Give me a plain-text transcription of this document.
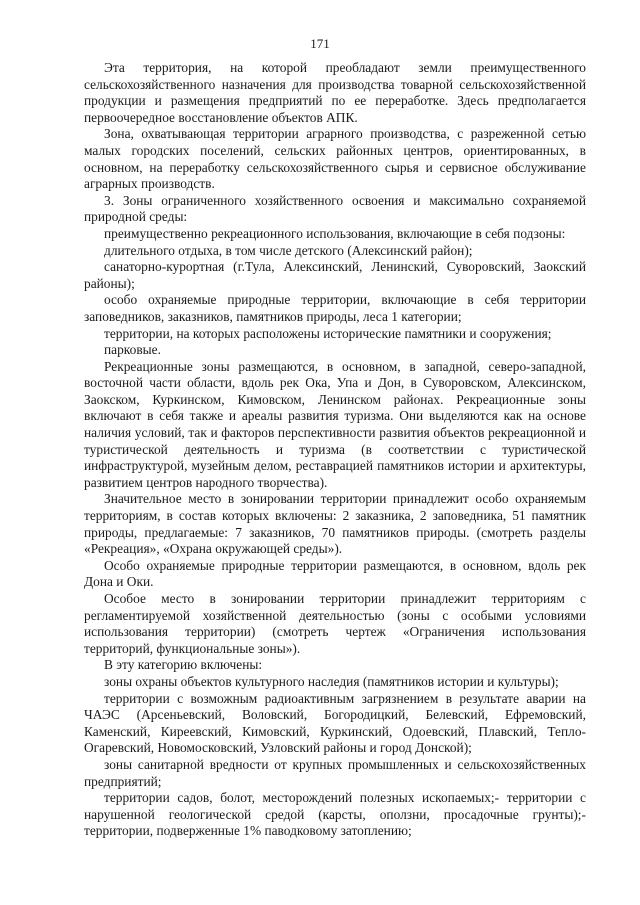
171

Эта территория, на которой преобладают земли преимущественного сельскохозяйственного назначения для производства товарной сельскохозяйственной продукции и размещения предприятий по ее переработке. Здесь предполагается первоочередное восстановление объектов АПК.

Зона, охватывающая территории аграрного производства, с разреженной сетью малых городских поселений, сельских районных центров, ориентированных, в основном, на переработку сельскохозяйственного сырья и сервисное обслуживание аграрных производств.

3. Зоны ограниченного хозяйственного освоения и максимально сохраняемой природной среды:

преимущественно рекреационного использования, включающие в себя подзоны:

длительного отдыха, в том числе детского (Алексинский район);

санаторно-курортная (г.Тула, Алексинский, Ленинский, Суворовский, Заокский районы);

особо охраняемые природные территории, включающие в себя территории заповедников, заказников, памятников природы, леса 1 категории;

территории, на которых расположены исторические памятники и сооружения;

парковые.

Рекреационные зоны размещаются, в основном, в западной, северо-западной, восточной части области, вдоль рек Ока, Упа и Дон, в Суворовском, Алексинском, Заокском, Куркинском, Кимовском, Ленинском районах. Рекреационные зоны включают в себя также и ареалы развития туризма. Они выделяются как на основе наличия условий, так и факторов перспективности развития объектов рекреационной и туристической деятельность и туризма (в соответствии с туристической инфраструктурой, музейным делом, реставрацией памятников истории и архитектуры, развитием центров народного творчества).

Значительное место в зонировании территории принадлежит особо охраняемым территориям, в состав которых включены: 2 заказника, 2 заповедника, 51 памятник природы, предлагаемые: 7 заказников, 70 памятников природы. (смотреть разделы «Рекреация», «Охрана окружающей среды»).

Особо охраняемые природные территории размещаются, в основном, вдоль рек Дона и Оки.

Особое место в зонировании территории принадлежит территориям с регламентируемой хозяйственной деятельностью (зоны с особыми условиями использования территории) (смотреть чертеж «Ограничения использования территорий, функциональные зоны»).

В эту категорию включены:

зоны охраны объектов культурного наследия (памятников истории и культуры);

территории с возможным радиоактивным загрязнением в результате аварии на ЧАЭС (Арсеньевский, Воловский, Богородицкий, Белевский, Ефремовский, Каменский, Киреевский, Кимовский, Куркинский, Одоевский, Плавский, Тепло-Огаревский, Новомосковский, Узловский районы и город Донской);

зоны санитарной вредности от крупных промышленных и сельскохозяйственных предприятий;

территории садов, болот, месторождений полезных ископаемых;- территории с нарушенной геологической средой (карсты, оползни, просадочные грунты);- территории, подверженные 1% паводковому затоплению;
